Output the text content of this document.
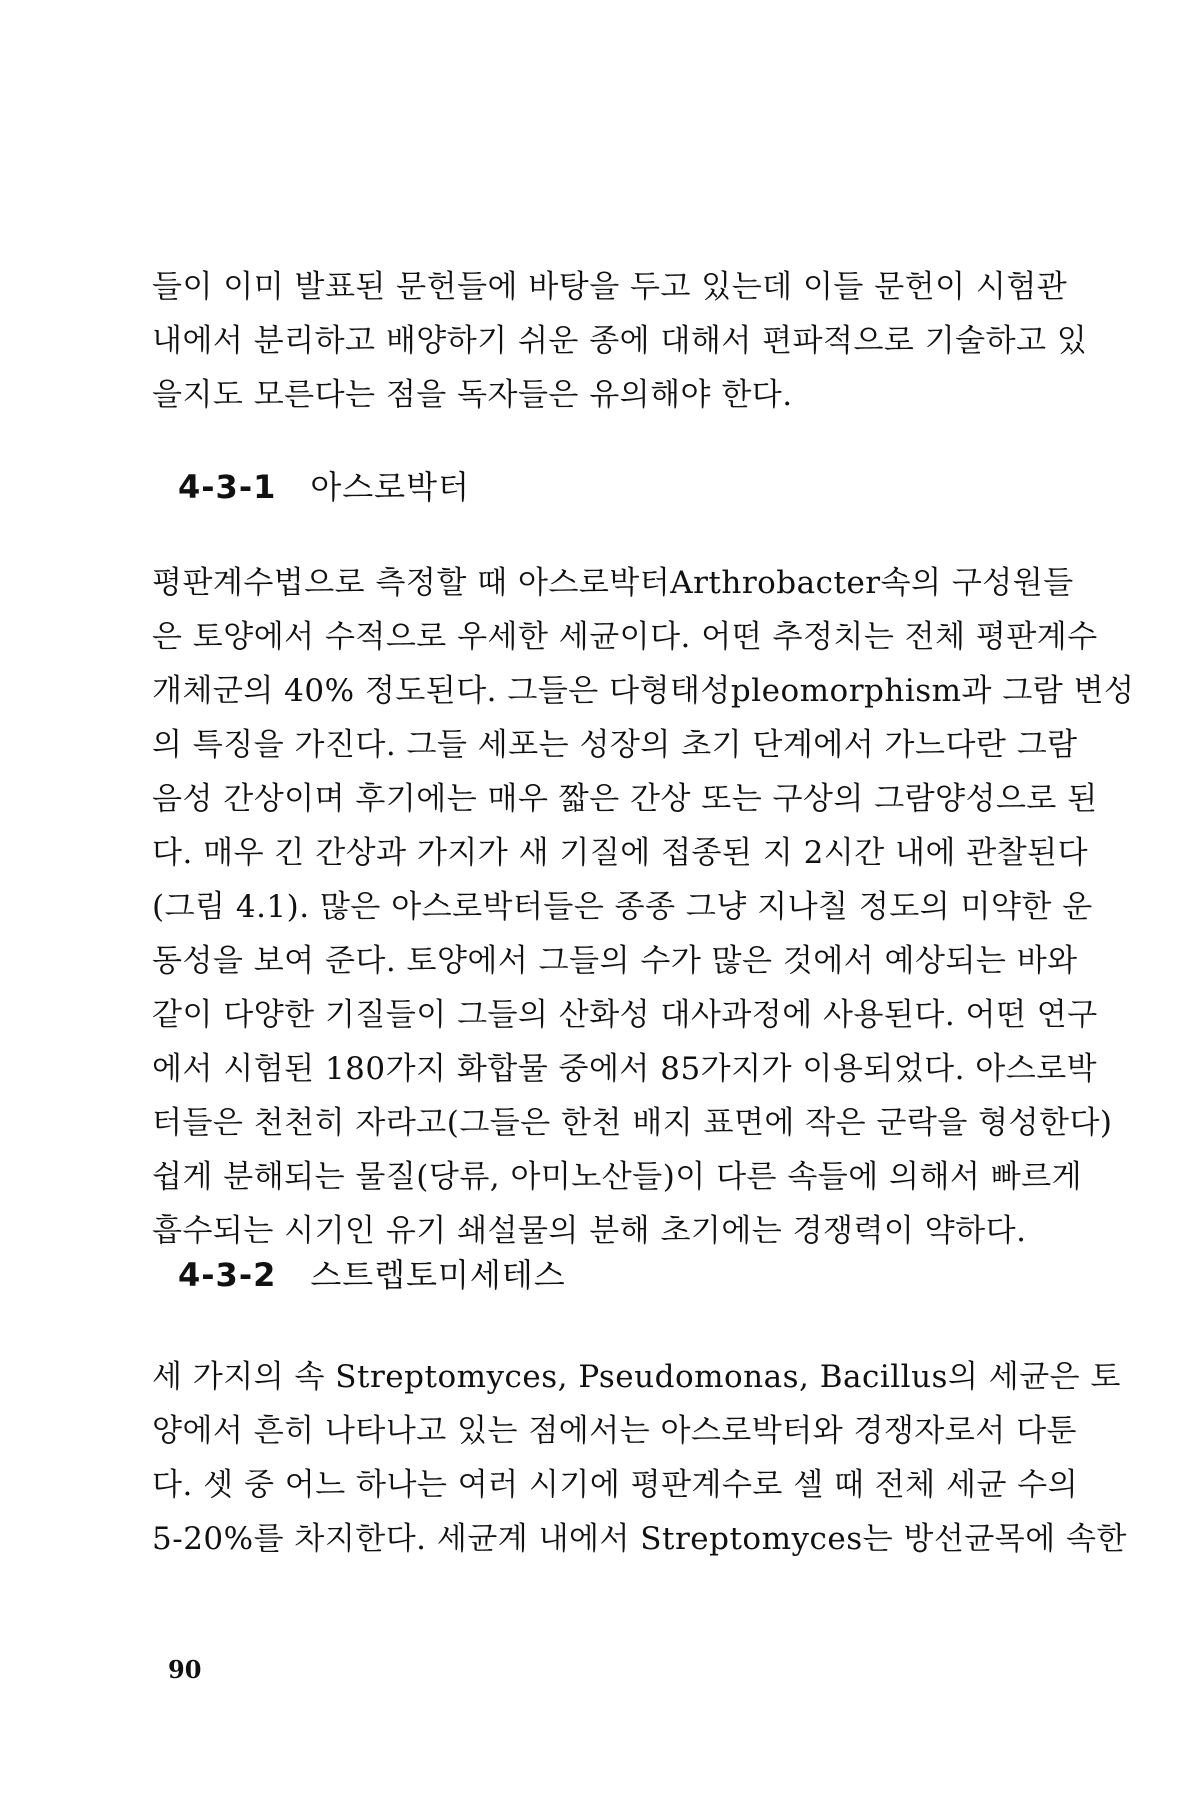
들이 이미 발표된 문헌들에 바탕을 두고 있는데 이들 문헌이 시험관
내에서 분리하고 배양하기 쉬운 종에 대해서 편파적으로 기술하고 있
을지도 모른다는 점을 독자들은 유의해야 한다.
4-3-1 아스로박터
평판계수법으로 측정할 때 아스로박터Arthrobacter속의 구성원들
은 토양에서 수적으로 우세한 세균이다. 어떤 추정치는 전체 평판계수
개체군의 40% 정도된다. 그들은 다형태성pleomorphism과 그람 변성
의 특징을 가진다. 그들 세포는 성장의 초기 단계에서 가느다란 그람
음성 간상이며 후기에는 매우 짧은 간상 또는 구상의 그람양성으로 된
다. 매우 긴 간상과 가지가 새 기질에 접종된 지 2시간 내에 관찰된다
(그림 4.1). 많은 아스로박터들은 종종 그냥 지나칠 정도의 미약한 운
동성을 보여 준다. 토양에서 그들의 수가 많은 것에서 예상되는 바와
같이 다양한 기질들이 그들의 산화성 대사과정에 사용된다. 어떤 연구
에서 시험된 180가지 화합물 중에서 85가지가 이용되었다. 아스로박
터들은 천천히 자라고(그들은 한천 배지 표면에 작은 군락을 형성한다)
쉽게 분해되는 물질(당류, 아미노산들)이 다른 속들에 의해서 빠르게
흡수되는 시기인 유기 쇄설물의 분해 초기에는 경쟁력이 약하다.
4-3-2 스트렙토미세테스
세 가지의 속 Streptomyces, Pseudomonas, Bacillus의 세균은 토
양에서 흔히 나타나고 있는 점에서는 아스로박터와 경쟁자로서 다툰
다. 셋 중 어느 하나는 여러 시기에 평판계수로 셀 때 전체 세균 수의
5-20%를 차지한다. 세균계 내에서 Streptomyces는 방선균목에 속한
90
